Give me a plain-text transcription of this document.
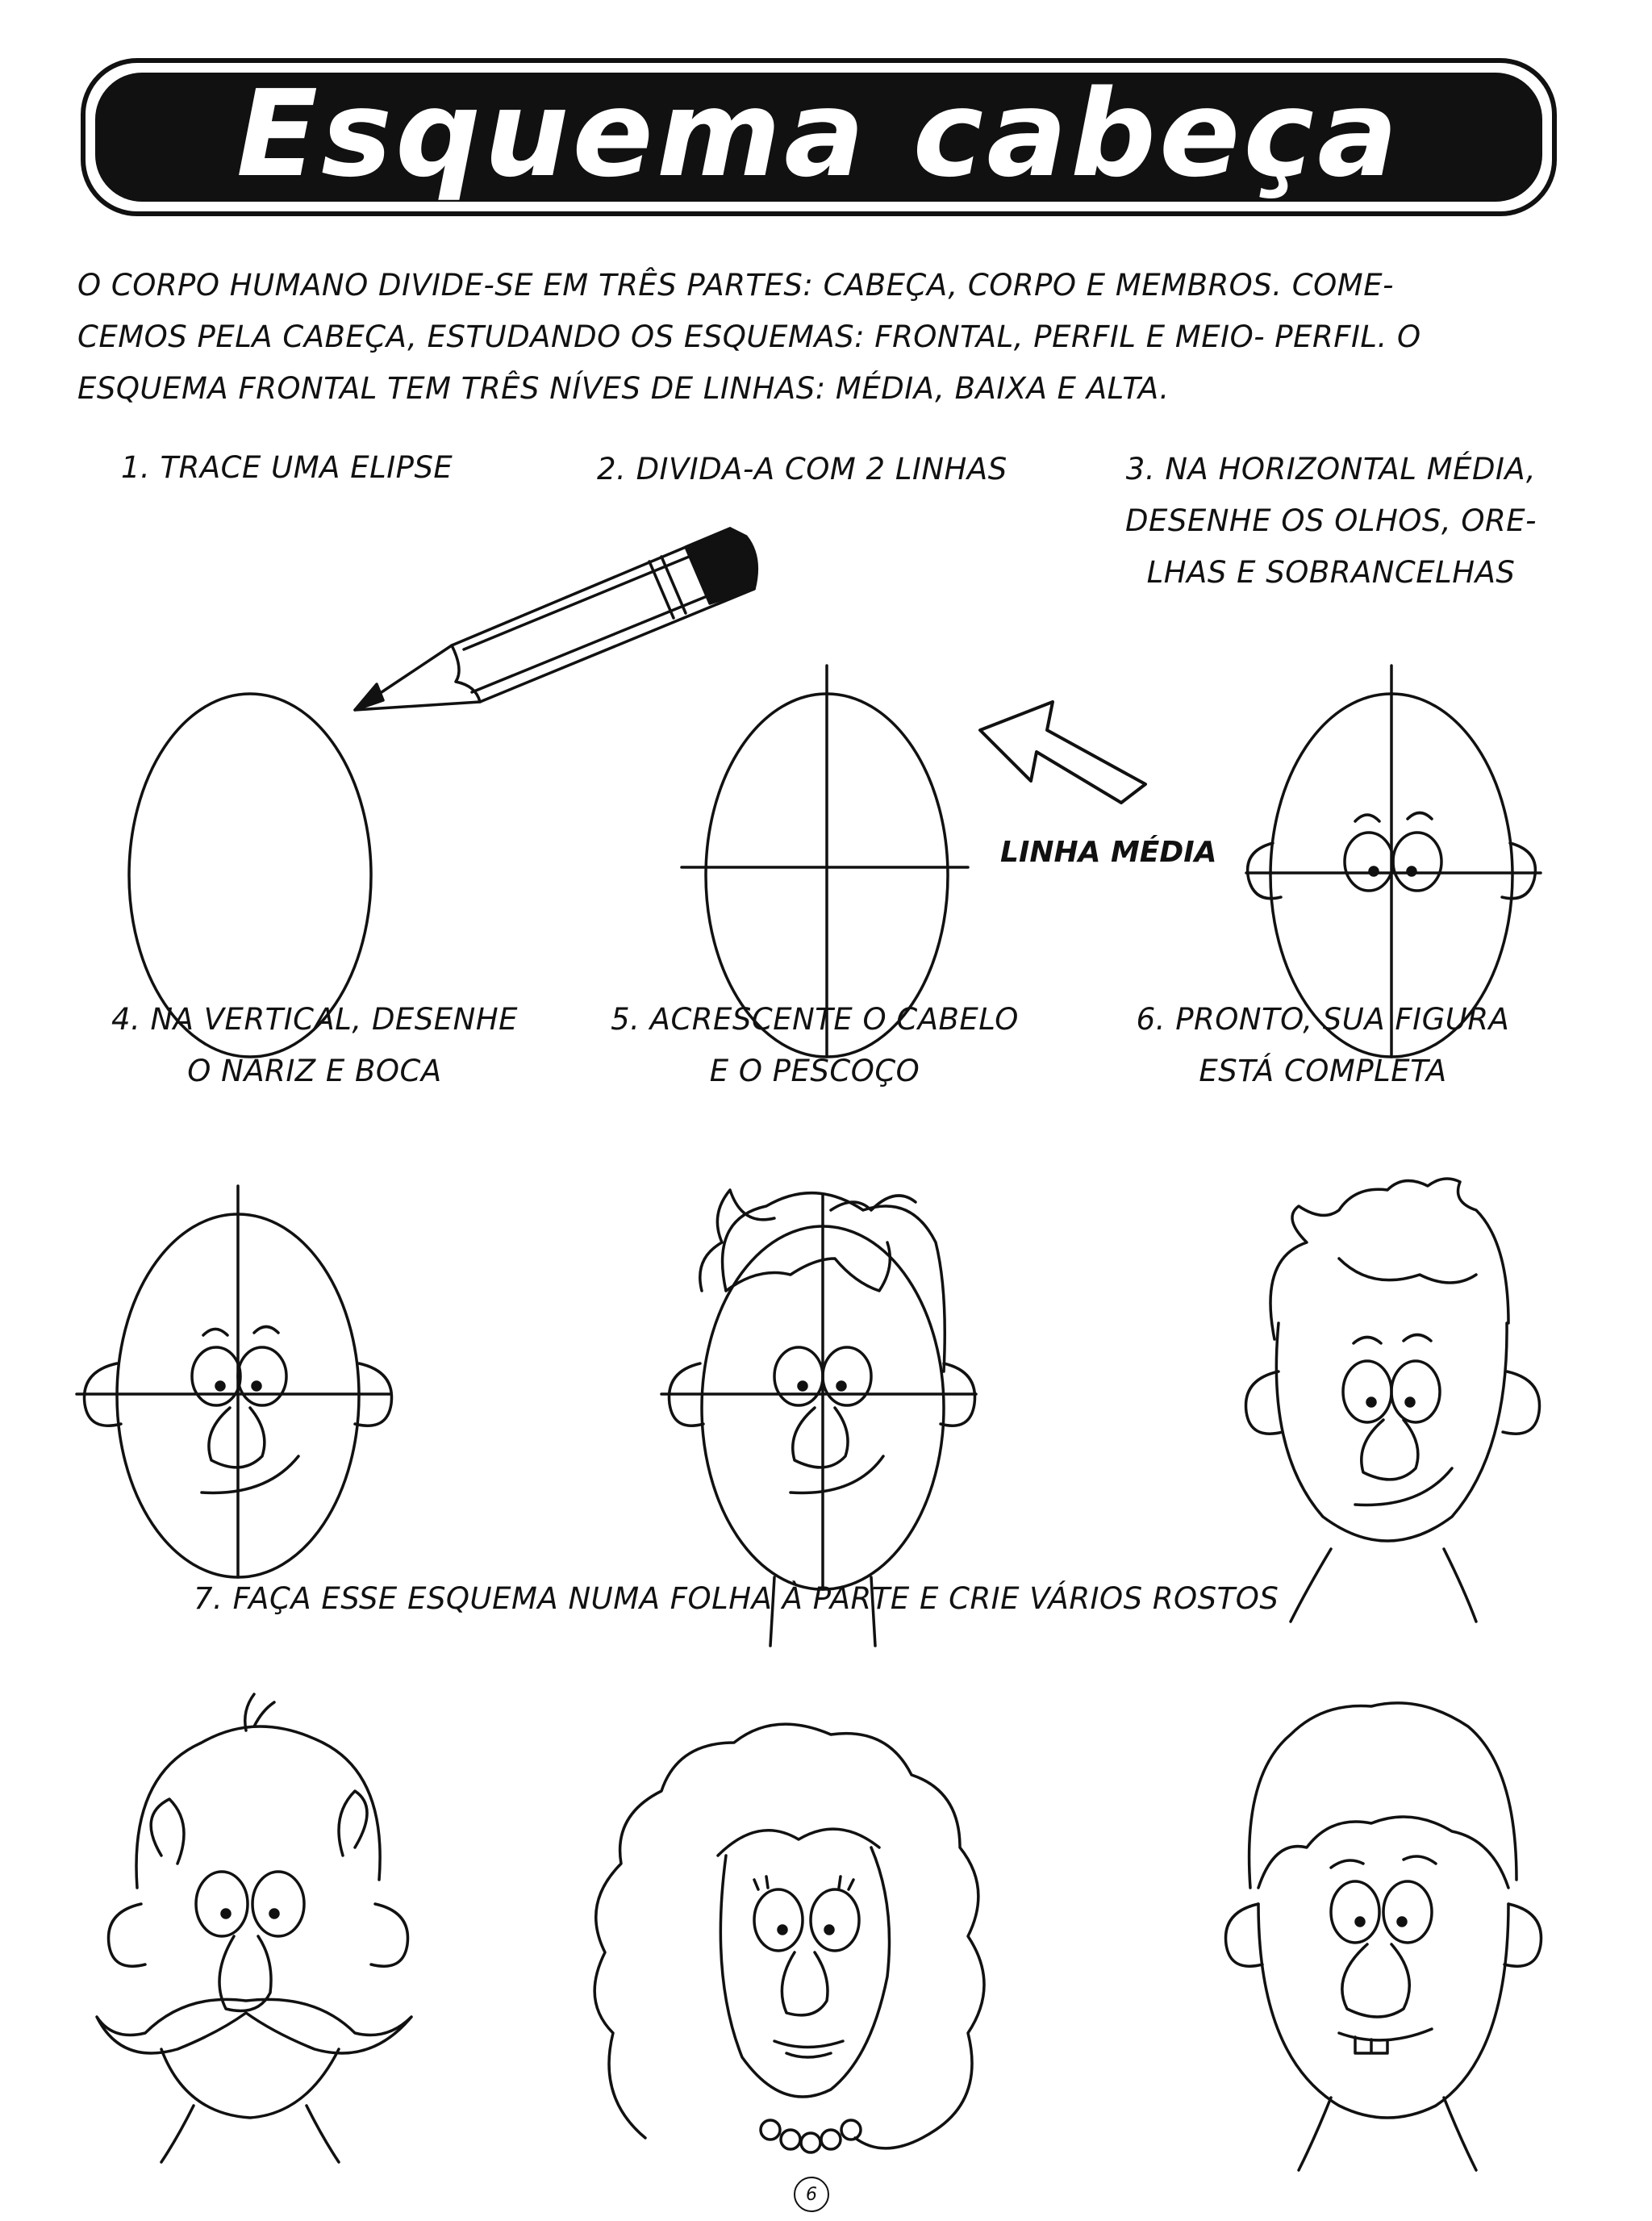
Esquema cabeça

O CORPO HUMANO DIVIDE-SE EM TRÊS PARTES: CABEÇA, CORPO E MEMBROS. COME-

CEMOS PELA CABEÇA, ESTUDANDO OS ESQUEMAS: FRONTAL, PERFIL E MEIO- PERFIL. O

ESQUEMA FRONTAL TEM TRÊS NÍVES DE LINHAS: MÉDIA, BAIXA E ALTA.

1. TRACE UMA ELIPSE	2. DIVIDA-A COM 2 LINHAS	3. NA HORIZONTAL MÉDIA,
DESENHE OS OLHOS, ORE-
LHAS E SOBRANCELHAS
4. NA VERTICAL, DESENHE
O NARIZ E BOCA
5. ACRESCENTE O CABELO
E O PESCOÇO
6. PRONTO, SUA FIGURA
ESTÁ COMPLETA
7. FAÇA ESSE ESQUEMA NUMA FOLHA À PARTE E CRIE VÁRIOS ROSTOS
LINHA MÉDIA
6
